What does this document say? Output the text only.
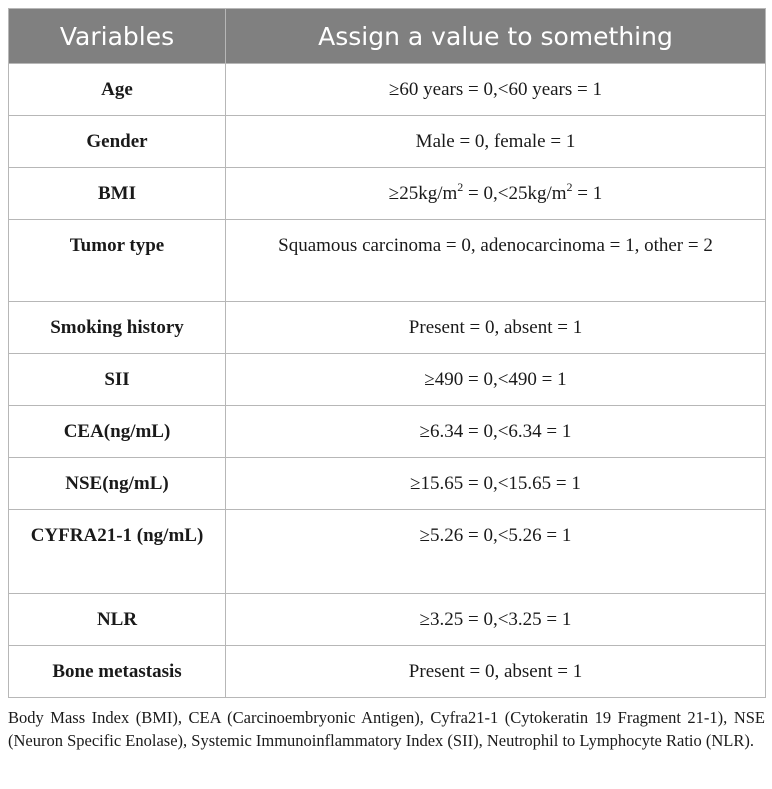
Variables	Assign a value to something
Age	≥60 years = 0,<60 years = 1
Gender	Male = 0, female = 1
BMI	$\ge 25kg/m^2 = 0,<25kg/m^2 = 1$
Tumor type	Squamous carcinoma = 0, adenocarcinoma = 1, other = 2
Smoking history	Present = 0, absent = 1
SII	≥490 = 0,<490 = 1
CEA(ng/mL)	≥6.34 = 0,<6.34 = 1
NSE(ng/mL)	≥15.65 = 0,<15.65 = 1
CYFRA21-1 (ng/mL)	≥5.26 = 0,<5.26 = 1
NLR	≥3.25 = 0,<3.25 = 1
Bone metastasis	Present = 0, absent = 1

Body Mass Index (BMI), CEA (Carcinoembryonic Antigen), Cyfra21-1 (Cytokeratin 19 Fragment 21-1), NSE (Neuron Specific Enolase), Systemic Immunoinflammatory Index (SII), Neutrophil to Lymphocyte Ratio (NLR).
